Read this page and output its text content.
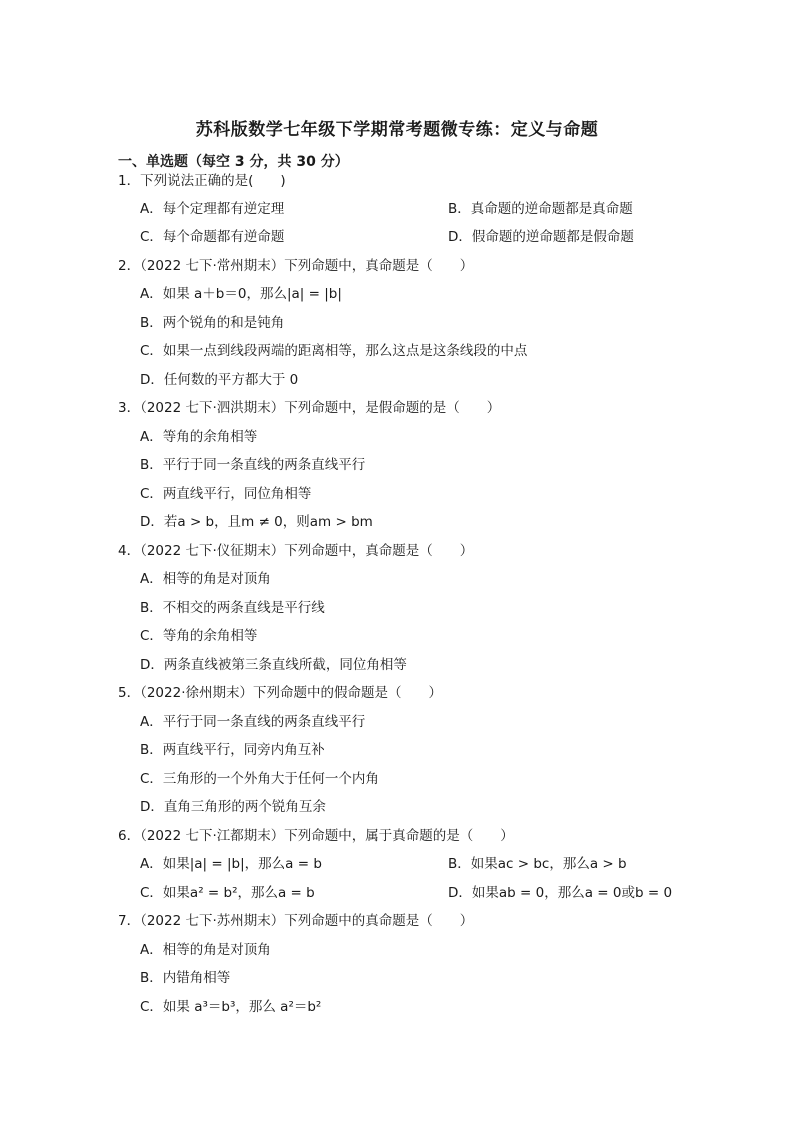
苏科版数学七年级下学期常考题微专练：定义与命题
一、单选题（每空 3 分，共 30 分）
1．下列说法正确的是(　　)
A．每个定理都有逆定理	B．真命题的逆命题都是真命题
C．每个命题都有逆命题	D．假命题的逆命题都是假命题
2．（2022 七下·常州期末）下列命题中，真命题是（　　）
A．如果 a＋b＝0，那么|a| = |b|
B．两个锐角的和是钝角
C．如果一点到线段两端的距离相等，那么这点是这条线段的中点
D．任何数的平方都大于 0
3．（2022 七下·泗洪期末）下列命题中，是假命题的是（　　）
A．等角的余角相等
B．平行于同一条直线的两条直线平行
C．两直线平行，同位角相等
D．若a > b，且m ≠ 0，则am > bm
4．（2022 七下·仪征期末）下列命题中，真命题是（　　）
A．相等的角是对顶角
B．不相交的两条直线是平行线
C．等角的余角相等
D．两条直线被第三条直线所截，同位角相等
5．（2022·徐州期末）下列命题中的假命题是（　　）
A．平行于同一条直线的两条直线平行
B．两直线平行，同旁内角互补
C．三角形的一个外角大于任何一个内角
D．直角三角形的两个锐角互余
6．（2022 七下·江都期末）下列命题中，属于真命题的是（　　）
A．如果|a| = |b|，那么a = b	B．如果ac > bc，那么a > b
C．如果a² = b²，那么a = b	D．如果ab = 0，那么a = 0或b = 0
7．（2022 七下·苏州期末）下列命题中的真命题是（　　）
A．相等的角是对顶角
B．内错角相等
C．如果 a³＝b³，那么 a²＝b²
